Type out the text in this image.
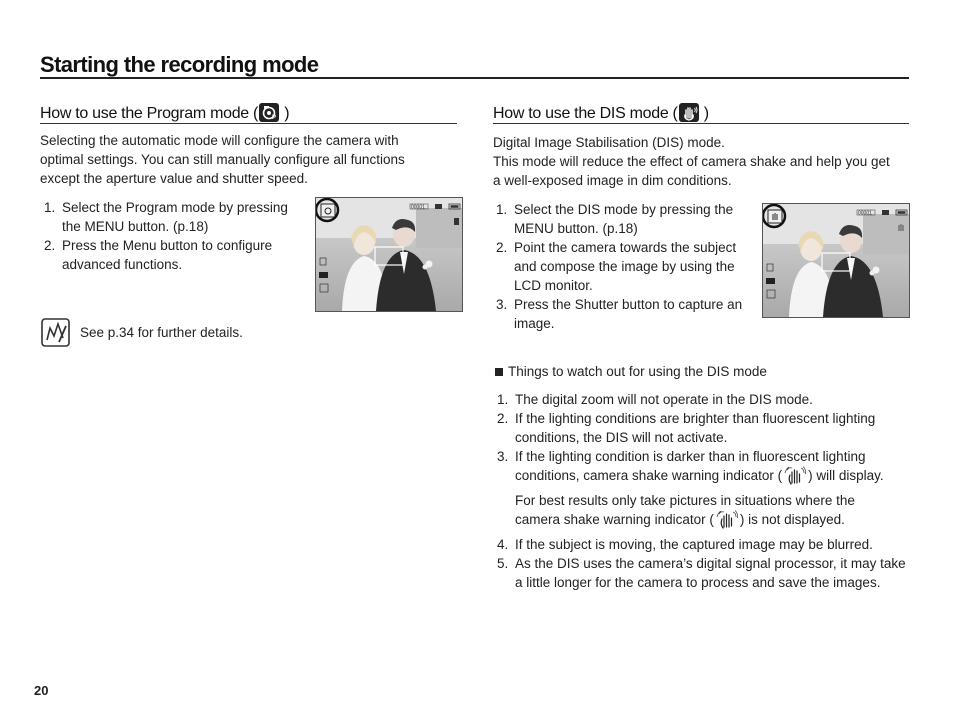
Starting the recording mode
How to use the Program mode ( P )
Selecting the automatic mode will configure the camera with
optimal settings. You can still manually configure all functions
except the aperture value and shutter speed.
1. Select the Program mode by pressing
the MENU button. (p.18)
2. Press the Menu button to configure
advanced functions.
00001
See p.34 for further details.
How to use the DIS mode ( )
Digital Image Stabilisation (DIS) mode.
This mode will reduce the effect of camera shake and help you get
a well-exposed image in dim conditions.
1. Select the DIS mode by pressing the
MENU button. (p.18)
2. Point the camera towards the subject
and compose the image by using the
LCD monitor.
3. Press the Shutter button to capture an
image.
00001
Things to watch out for using the DIS mode
1. The digital zoom will not operate in the DIS mode.
2. If the lighting conditions are brighter than fluorescent lighting
conditions, the DIS will not activate.
3. If the lighting condition is darker than in fluorescent lighting
conditions, camera shake warning indicator ( ) will display.
For best results only take pictures in situations where the
camera shake warning indicator ( ) is not displayed.
4. If the subject is moving, the captured image may be blurred.
5. As the DIS uses the camera’s digital signal processor, it may take
a little longer for the camera to process and save the images.
20
